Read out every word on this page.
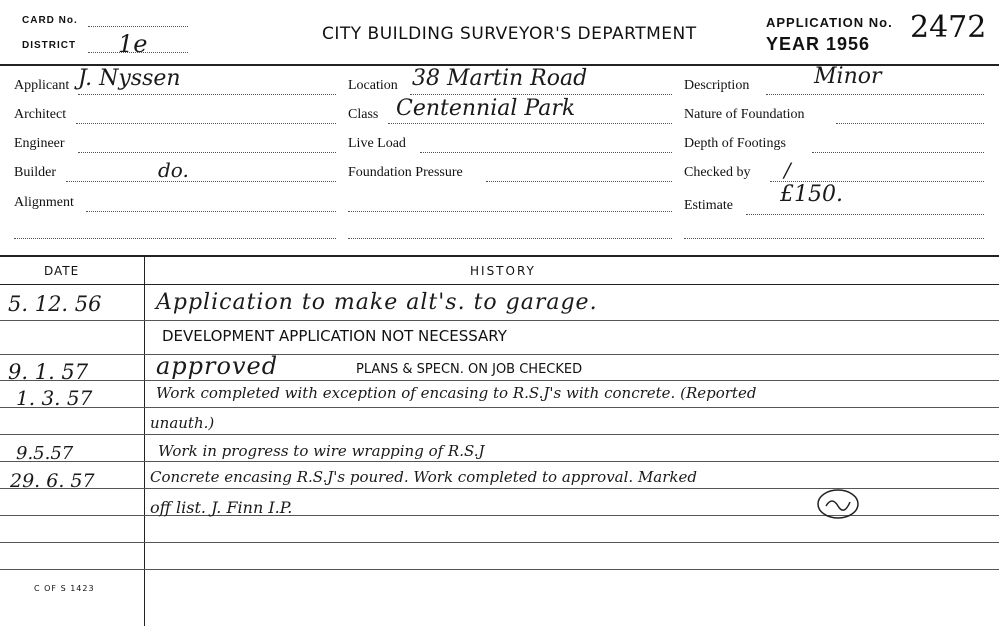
CARD No.
DISTRICT 1e	CITY BUILDING SURVEYOR'S DEPARTMENT
APPLICATION No. 2472
YEAR 1956
Applicant J. Nyssen
Architect
Engineer
Builder	do.
Alignment
Location 38 Martin Road
Class Centennial Park
Live Load
Foundation Pressure
Description	Minor
Nature of Foundation
Depth of Footings
Checked by /
Estimate £150.
DATE	HISTORY
5. 12. 56 Application to make alt's. to garage.
DEVELOPMENT APPLICATION NOT NECESSARY
9. 1. 57	approved	PLANS & SPECN. ON JOB CHECKED
1. 3. 57	Work completed with exception of encasing to R.S.J's with concrete. (Reported
unauth.)
9.5.57	Work in progress to wire wrapping of R.S.J
29. 6. 57	Concrete encasing R.S.J's poured. Work completed to approval. Marked
off list. J. Finn I.P.
C OF S 1423
